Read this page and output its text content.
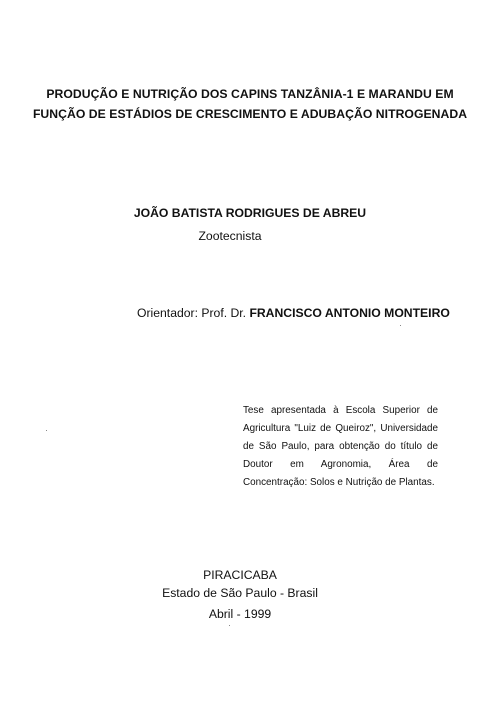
PRODUÇÃO E NUTRIÇÃO DOS CAPINS TANZÂNIA-1 E MARANDU EM
FUNÇÃO DE ESTÁDIOS DE CRESCIMENTO E ADUBAÇÃO NITROGENADA
JOÃO BATISTA RODRIGUES DE ABREU
Zootecnista
Orientador: Prof. Dr. FRANCISCO ANTONIO MONTEIRO
Tese apresentada à Escola Superior de Agricultura "Luiz de Queiroz", Universidade de São Paulo, para obtenção do título de Doutor em Agronomia, Área de Concentração: Solos e Nutrição de Plantas.
PIRACICABA
Estado de São Paulo - Brasil
Abril - 1999
